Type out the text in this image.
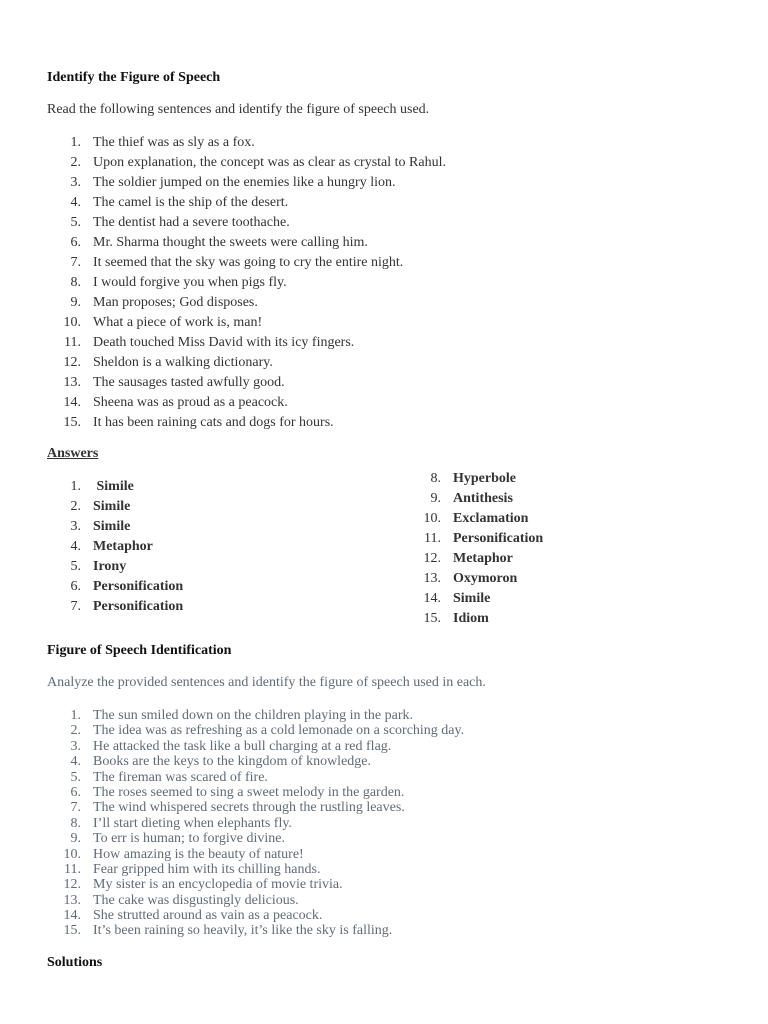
Identify the Figure of Speech
Read the following sentences and identify the figure of speech used.
1. The thief was as sly as a fox.
2. Upon explanation, the concept was as clear as crystal to Rahul.
3. The soldier jumped on the enemies like a hungry lion.
4. The camel is the ship of the desert.
5. The dentist had a severe toothache.
6. Mr. Sharma thought the sweets were calling him.
7. It seemed that the sky was going to cry the entire night.
8. I would forgive you when pigs fly.
9. Man proposes; God disposes.
10. What a piece of work is, man!
11. Death touched Miss David with its icy fingers.
12. Sheldon is a walking dictionary.
13. The sausages tasted awfully good.
14. Sheena was as proud as a peacock.
15. It has been raining cats and dogs for hours.
Answers
1. Simile
2. Simile
3. Simile
4. Metaphor
5. Irony
6. Personification
7. Personification
8. Hyperbole
9. Antithesis
10. Exclamation
11. Personification
12. Metaphor
13. Oxymoron
14. Simile
15. Idiom
Figure of Speech Identification
Analyze the provided sentences and identify the figure of speech used in each.
1. The sun smiled down on the children playing in the park.
2. The idea was as refreshing as a cold lemonade on a scorching day.
3. He attacked the task like a bull charging at a red flag.
4. Books are the keys to the kingdom of knowledge.
5. The fireman was scared of fire.
6. The roses seemed to sing a sweet melody in the garden.
7. The wind whispered secrets through the rustling leaves.
8. I’ll start dieting when elephants fly.
9. To err is human; to forgive divine.
10. How amazing is the beauty of nature!
11. Fear gripped him with its chilling hands.
12. My sister is an encyclopedia of movie trivia.
13. The cake was disgustingly delicious.
14. She strutted around as vain as a peacock.
15. It’s been raining so heavily, it’s like the sky is falling.
Solutions
